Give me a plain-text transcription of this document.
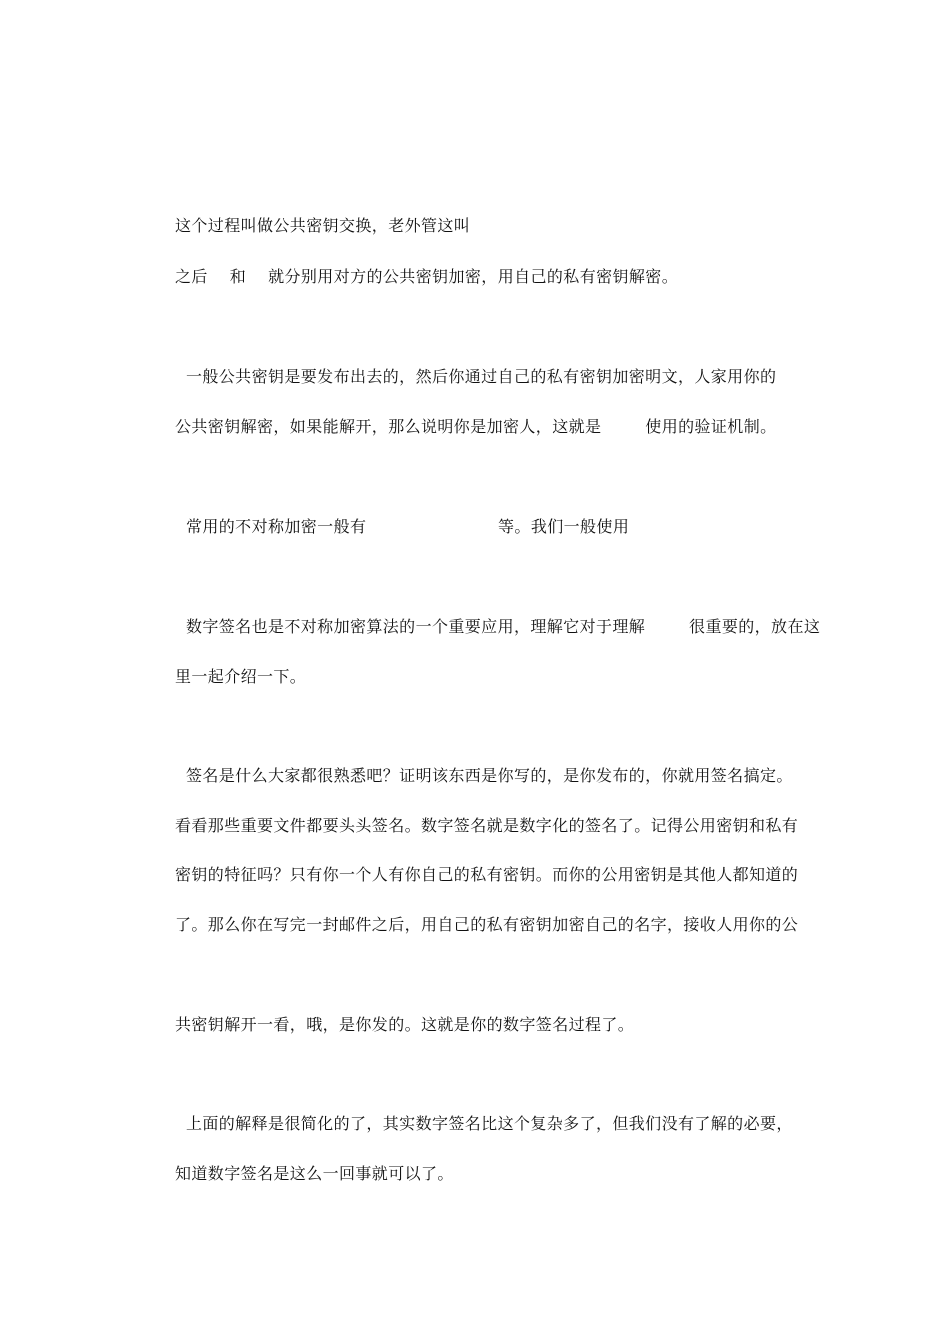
这个过程叫做公共密钥交换，老外管这叫
之后    和    就分别用对方的公共密钥加密，用自己的私有密钥解密。
一般公共密钥是要发布出去的，然后你通过自己的私有密钥加密明文，人家用你的
公共密钥解密，如果能解开，那么说明你是加密人，这就是        使用的验证机制。
常用的不对称加密一般有                        等。我们一般使用
数字签名也是不对称加密算法的一个重要应用，理解它对于理解        很重要的，放在这
里一起介绍一下。
签名是什么大家都很熟悉吧？证明该东西是你写的，是你发布的，你就用签名搞定。
看看那些重要文件都要头头签名。数字签名就是数字化的签名了。记得公用密钥和私有
密钥的特征吗？只有你一个人有你自己的私有密钥。而你的公用密钥是其他人都知道的
了。那么你在写完一封邮件之后，用自己的私有密钥加密自己的名字，接收人用你的公
共密钥解开一看，哦，是你发的。这就是你的数字签名过程了。
上面的解释是很简化的了，其实数字签名比这个复杂多了，但我们没有了解的必要，
知道数字签名是这么一回事就可以了。
